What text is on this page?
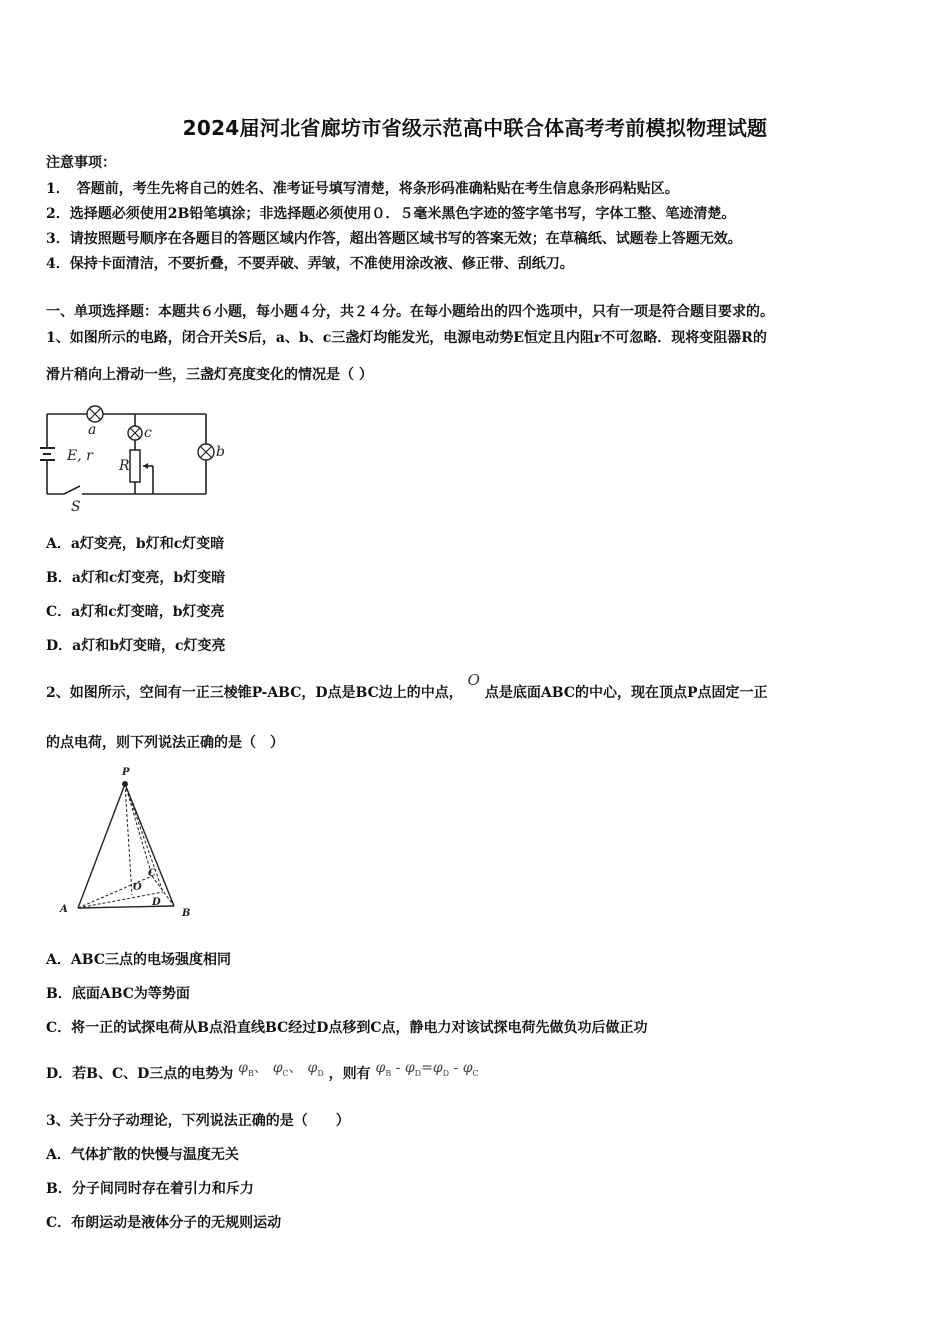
2024届河北省廊坊市省级示范高中联合体高考考前模拟物理试题
注意事项：
1．　答题前，考生先将自己的姓名、准考证号填写清楚，将条形码准确粘贴在考生信息条形码粘贴区。
2．选择题必须使用2B铅笔填涂；非选择题必须使用０．５毫米黑色字迹的签字笔书写，字体工整、笔迹清楚。
3．请按照题号顺序在各题目的答题区域内作答，超出答题区域书写的答案无效；在草稿纸、试题卷上答题无效。
4．保持卡面清洁，不要折叠，不要弄破、弄皱，不准使用涂改液、修正带、刮纸刀。
一、单项选择题：本题共６小题，每小题４分，共２４分。在每小题给出的四个选项中，只有一项是符合题目要求的。
1、如图所示的电路，闭合开关S后，a、b、c三盏灯均能发光，电源电动势E恒定且内阻r不可忽略．现将变阻器R的
滑片稍向上滑动一些，三盏灯亮度变化的情况是（ ）
a	c
b
E, r
R
S
A．a灯变亮，b灯和c灯变暗
B．a灯和c灯变亮，b灯变暗
C．a灯和c灯变暗，b灯变亮
D．a灯和b灯变暗，c灯变亮
2、如图所示，空间有一正三棱锥P-ABC，D点是BC边上的中点， O 点是底面ABC的中心，现在顶点P点固定一正
的点电荷，则下列说法正确的是（　）
P
A	B
C
D
O
A．ABC三点的电场强度相同
B．底面ABC为等势面
C．将一正的试探电荷从B点沿直线BC经过D点移到C点，静电力对该试探电荷先做负功后做正功
D．若B、C、D三点的电势为 $\varphi_B$、 $\varphi_C$、 $\varphi_D$ ，则有 $\varphi_B - \varphi_D=\varphi_D - \varphi_C$
3、关于分子动理论，下列说法正确的是（　　）
A．气体扩散的快慢与温度无关
B．分子间同时存在着引力和斥力
C．布朗运动是液体分子的无规则运动
